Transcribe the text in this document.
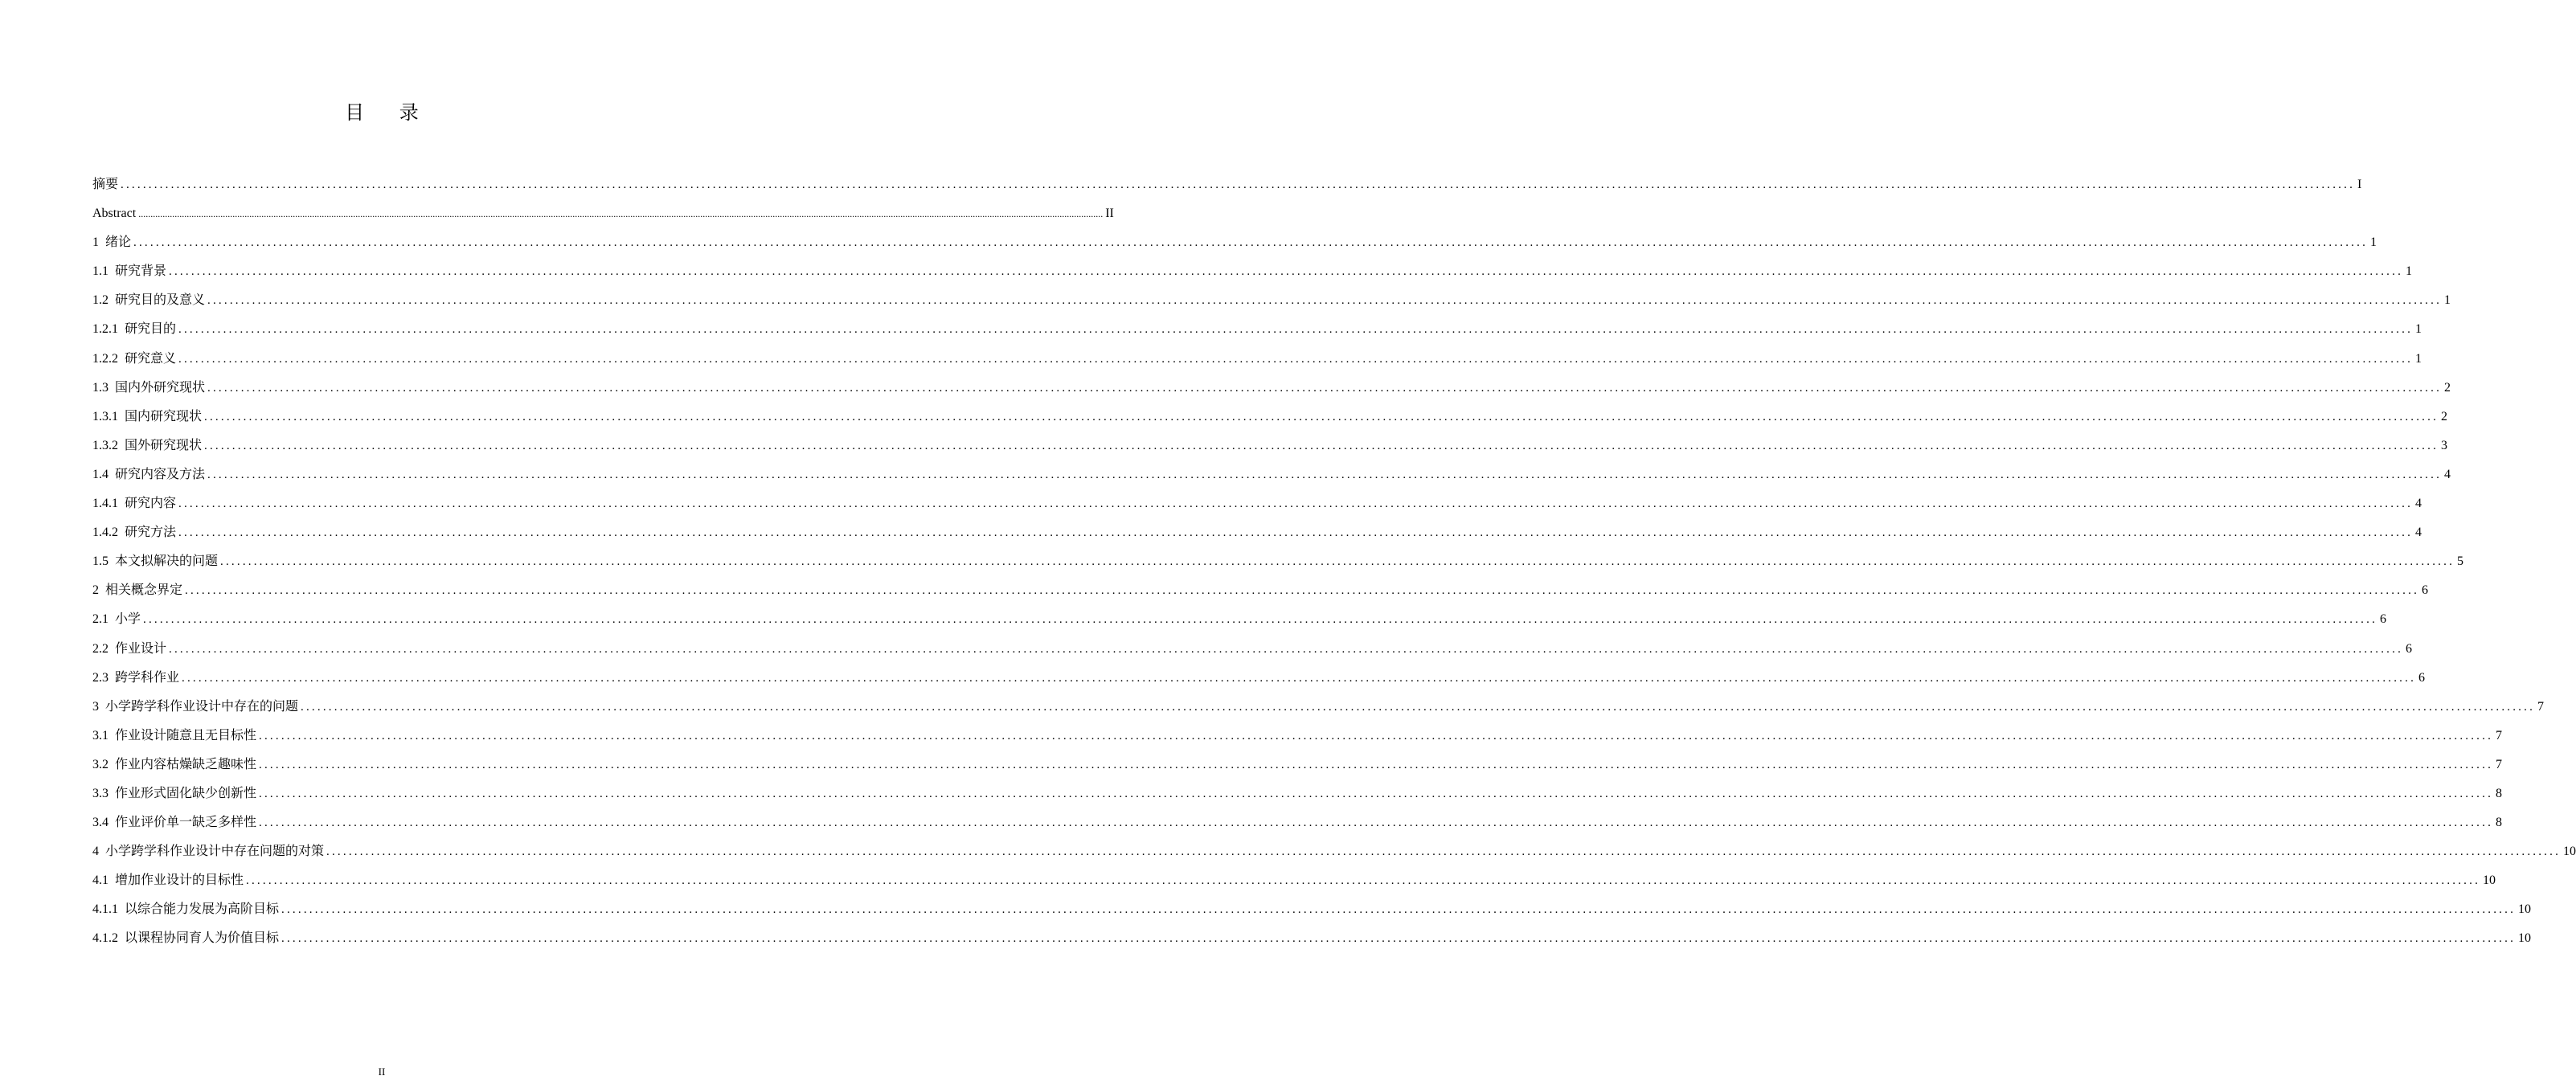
目 录
摘要 ................................................................................................................................................................................................................................................................................................................................................................................................................ I
Abstract ................................................................................................................................................................................................................................................................................................................................................................................................................ II
1 绪论 ................................................................................................................................................................................................................................................................................................................................................................................................................ 1
1.1 研究背景 ................................................................................................................................................................................................................................................................................................................................................................................................................ 1
1.2 研究目的及意义 ................................................................................................................................................................................................................................................................................................................................................................................................................ 1
1.2.1 研究目的 ................................................................................................................................................................................................................................................................................................................................................................................................................ 1
1.2.2 研究意义 ................................................................................................................................................................................................................................................................................................................................................................................................................ 1
1.3 国内外研究现状 ................................................................................................................................................................................................................................................................................................................................................................................................................ 2
1.3.1 国内研究现状 ................................................................................................................................................................................................................................................................................................................................................................................................................ 2
1.3.2 国外研究现状 ................................................................................................................................................................................................................................................................................................................................................................................................................ 3
1.4 研究内容及方法 ................................................................................................................................................................................................................................................................................................................................................................................................................ 4
1.4.1 研究内容 ................................................................................................................................................................................................................................................................................................................................................................................................................ 4
1.4.2 研究方法 ................................................................................................................................................................................................................................................................................................................................................................................................................ 4
1.5 本文拟解决的问题 ................................................................................................................................................................................................................................................................................................................................................................................................................ 5
2 相关概念界定 ................................................................................................................................................................................................................................................................................................................................................................................................................ 6
2.1 小学 ................................................................................................................................................................................................................................................................................................................................................................................................................ 6
2.2 作业设计 ................................................................................................................................................................................................................................................................................................................................................................................................................ 6
2.3 跨学科作业 ................................................................................................................................................................................................................................................................................................................................................................................................................ 6
3 小学跨学科作业设计中存在的问题 ................................................................................................................................................................................................................................................................................................................................................................................................................ 7
3.1 作业设计随意且无目标性 ................................................................................................................................................................................................................................................................................................................................................................................................................ 7
3.2 作业内容枯燥缺乏趣味性 ................................................................................................................................................................................................................................................................................................................................................................................................................ 7
3.3 作业形式固化缺少创新性 ................................................................................................................................................................................................................................................................................................................................................................................................................ 8
3.4 作业评价单一缺乏多样性 ................................................................................................................................................................................................................................................................................................................................................................................................................ 8
4 小学跨学科作业设计中存在问题的对策 ................................................................................................................................................................................................................................................................................................................................................................................................................ 10
4.1 增加作业设计的目标性 ................................................................................................................................................................................................................................................................................................................................................................................................................ 10
4.1.1 以综合能力发展为高阶目标 ................................................................................................................................................................................................................................................................................................................................................................................................................ 10
4.1.2 以课程协同育人为价值目标 ................................................................................................................................................................................................................................................................................................................................................................................................................ 10
II
